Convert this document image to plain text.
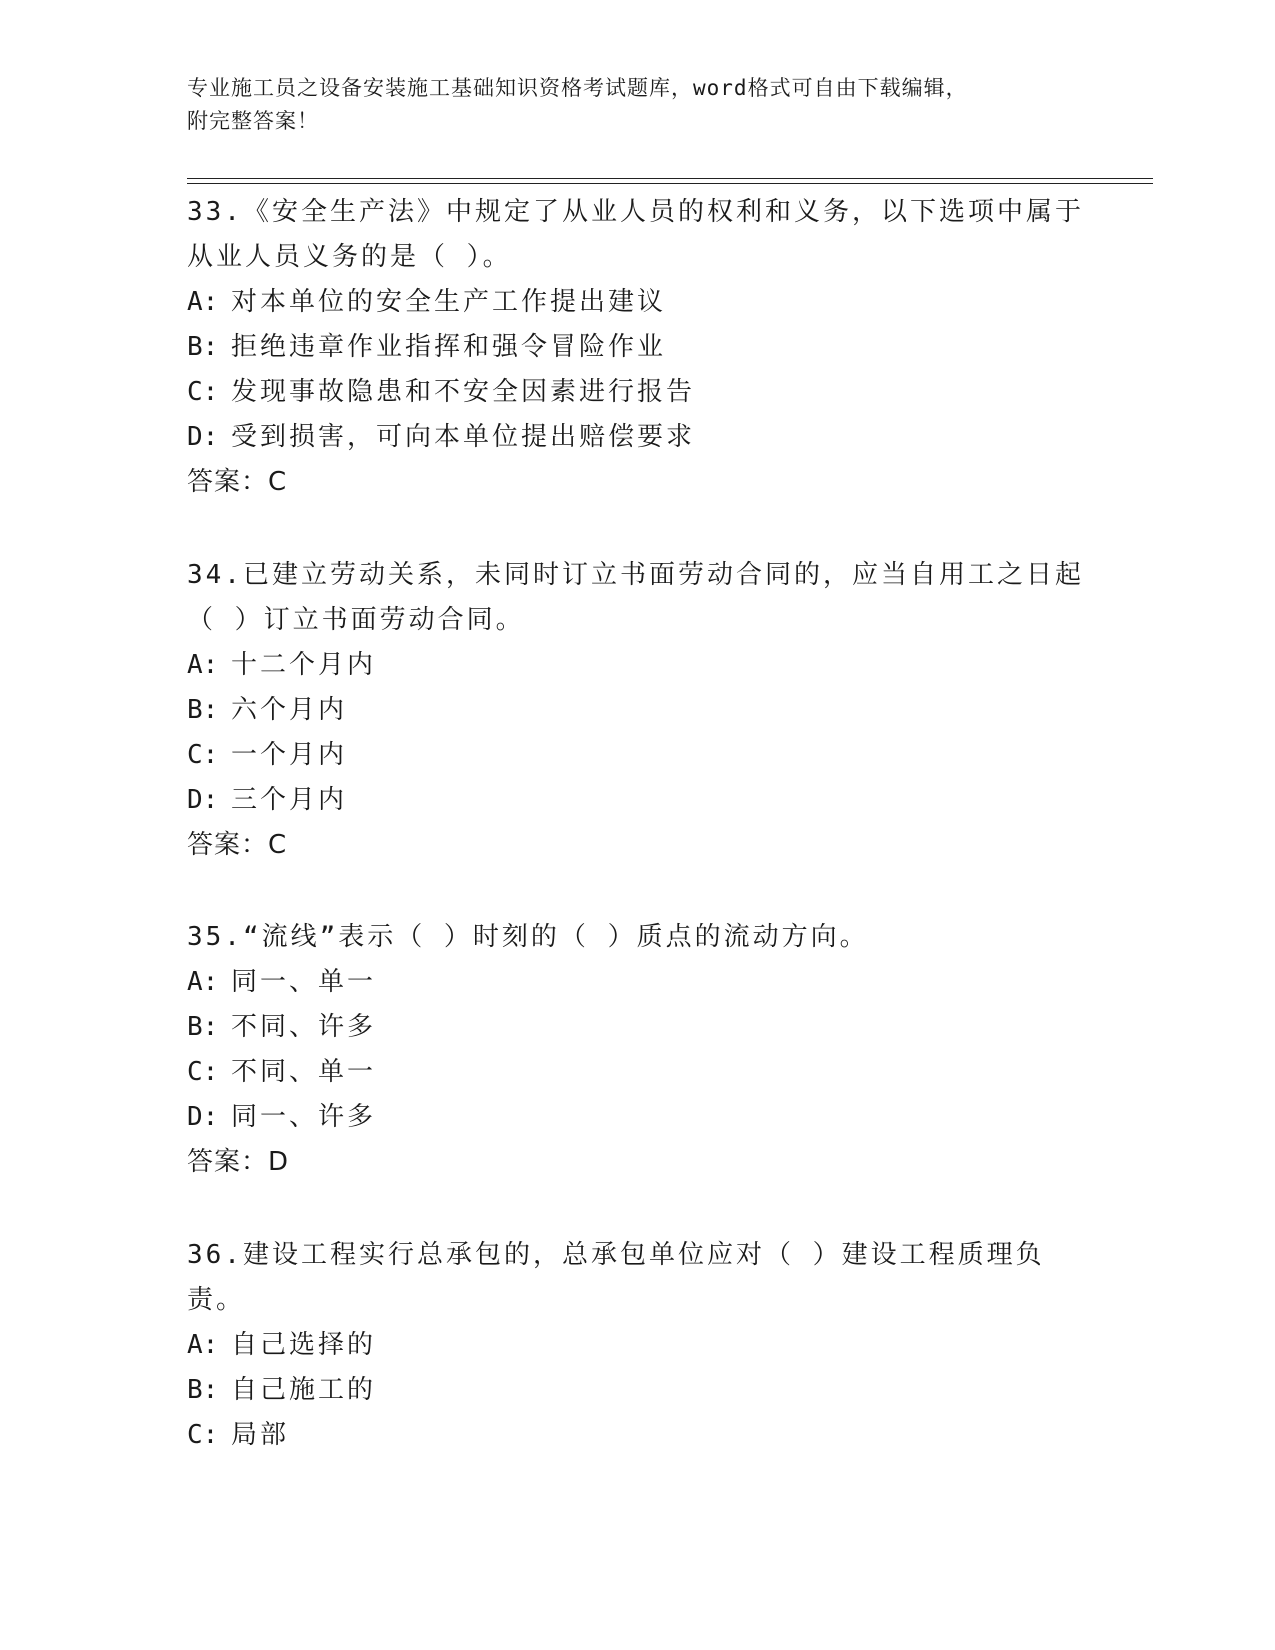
专业施工员之设备安装施工基础知识资格考试题库，word格式可自由下载编辑，
附完整答案！
33.《安全生产法》中规定了从业人员的权利和义务，以下选项中属于从业人员义务的是（ ）。
A: 对本单位的安全生产工作提出建议
B: 拒绝违章作业指挥和强令冒险作业
C: 发现事故隐患和不安全因素进行报告
D: 受到损害，可向本单位提出赔偿要求
答案：C
34.已建立劳动关系，未同时订立书面劳动合同的，应当自用工之日起（ ）订立书面劳动合同。
A: 十二个月内
B: 六个月内
C: 一个月内
D: 三个月内
答案：C
35.“流线”表示（ ）时刻的（ ）质点的流动方向。
A: 同一、单一
B: 不同、许多
C: 不同、单一
D: 同一、许多
答案：D
36.建设工程实行总承包的，总承包单位应对（ ）建设工程质理负责。
A: 自己选择的
B: 自己施工的
C: 局部
